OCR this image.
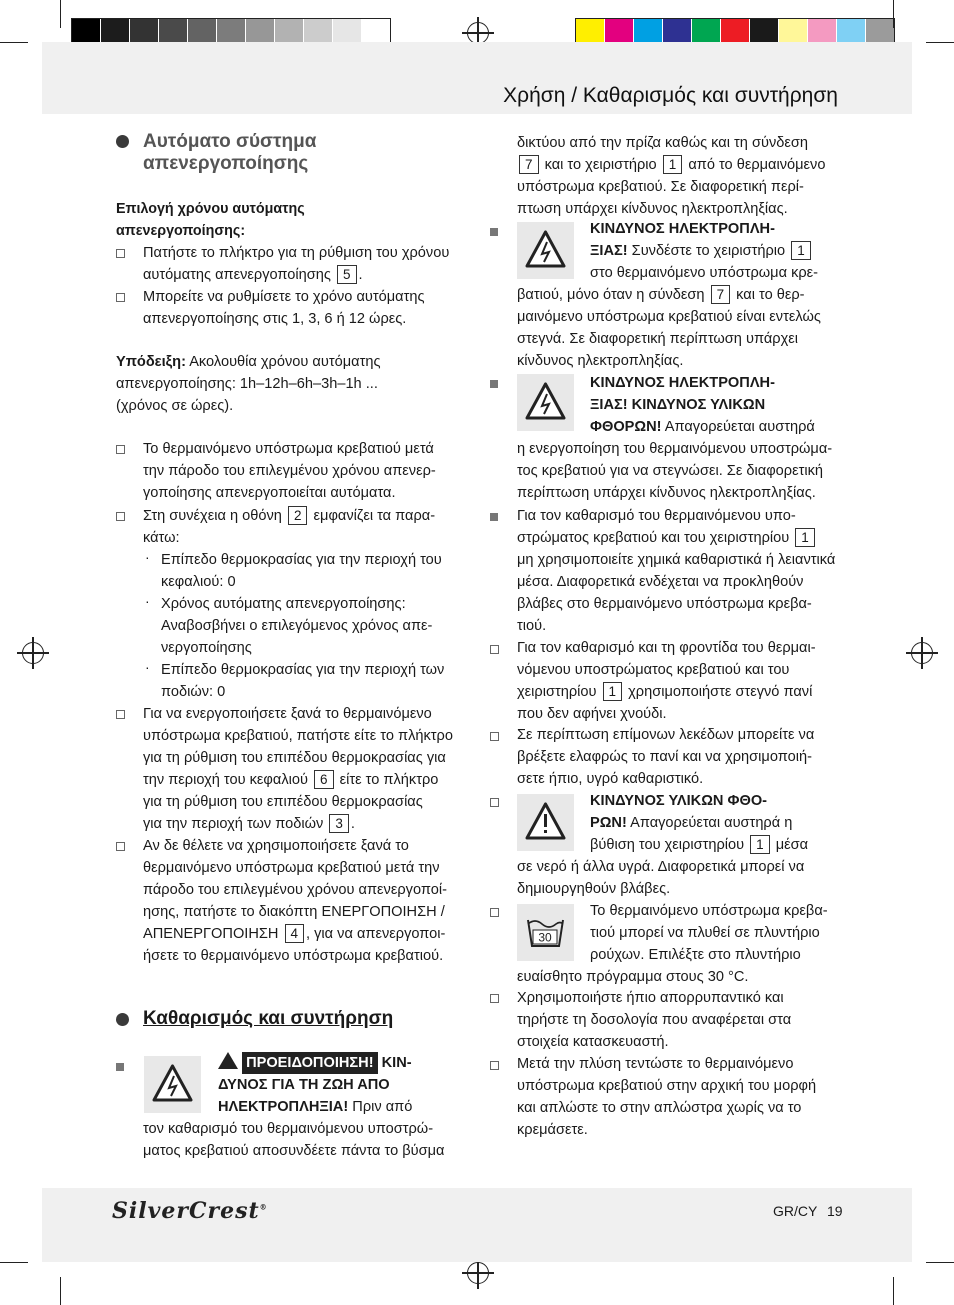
Χρήση / Καθαρισμός και συντήρηση
Αυτόματο σύστημα
απενεργοποίησης
Επιλογή χρόνου αυτόματης
απενεργοποίησης:
Πατήστε το πλήκτρο για τη ρύθμιση του χρόνου
αυτόματης απενεργοποίησης 5 .
Μπορείτε να ρυθμίσετε το χρόνο αυτόματης
απενεργοποίησης στις 1, 3, 6 ή 12 ώρες.
Υπόδειξη: Ακολουθία χρόνου αυτόματης
απενεργοποίησης: 1h–12h–6h–3h–1h ...
(χρόνος σε ώρες).
Το θερμαινόμενο υπόστρωμα κρεβατιού μετά
την πάροδο του επιλεγμένου χρόνου απενερ-
γοποίησης απενεργοποιείται αυτόματα.
Στη συνέχεια η οθόνη 2 εμφανίζει τα παρα-
κάτω:
· Επίπεδο θερμοκρασίας για την περιοχή του
κεφαλιού: 0
· Χρόνος αυτόματης απενεργοποίησης:
Αναβοσβήνει ο επιλεγόμενος χρόνος απε-
νεργοποίησης
· Επίπεδο θερμοκρασίας για την περιοχή των
ποδιών: 0
Για να ενεργοποιήσετε ξανά το θερμαινόμενο
υπόστρωμα κρεβατιού, πατήστε είτε το πλήκτρο
για τη ρύθμιση του επιπέδου θερμοκρασίας για
την περιοχή του κεφαλιού 6 είτε το πλήκτρο
για τη ρύθμιση του επιπέδου θερμοκρασίας
για την περιοχή των ποδιών 3 .
Αν δε θέλετε να χρησιμοποιήσετε ξανά το
θερμαινόμενο υπόστρωμα κρεβατιού μετά την
πάροδο του επιλεγμένου χρόνου απενεργοποί-
ησης, πατήστε το διακόπτη ΕΝΕΡΓΟΠΟΙΗΣΗ /
ΑΠΕΝΕΡΓΟΠΟΙΗΣΗ 4 , για να απενεργοποι-
ήσετε το θερμαινόμενο υπόστρωμα κρεβατιού.
Καθαρισμός και συντήρηση
ΠΡΟΕΙΔΟΠΟΙΗΣΗ! ΚΙΝ-
ΔΥΝΟΣ ΓΙΑ ΤΗ ΖΩΗ ΑΠΟ
ΗΛΕΚΤΡΟΠΛΗΞΙΑ! Πριν από
τον καθαρισμό του θερμαινόμενου υποστρώ-
ματος κρεβατιού αποσυνδέετε πάντα το βύσμα
δικτύου από την πρίζα καθώς και τη σύνδεση
7 και το χειριστήριο 1 από το θερμαινόμενο
υπόστρωμα κρεβατιού. Σε διαφορετική περί-
πτωση υπάρχει κίνδυνος ηλεκτροπληξίας.
ΚΙΝΔΥΝΟΣ ΗΛΕΚΤΡΟΠΛΗ-
ΞΙΑΣ! Συνδέστε το χειριστήριο 1
στο θερμαινόμενο υπόστρωμα κρε-
βατιού, μόνο όταν η σύνδεση 7 και το θερ-
μαινόμενο υπόστρωμα κρεβατιού είναι εντελώς
στεγνά. Σε διαφορετική περίπτωση υπάρχει
κίνδυνος ηλεκτροπληξίας.
ΚΙΝΔΥΝΟΣ ΗΛΕΚΤΡΟΠΛΗ-
ΞΙΑΣ! ΚΙΝΔΥΝΟΣ ΥΛΙΚΩΝ
ΦΘΟΡΩΝ! Απαγορεύεται αυστηρά
η ενεργοποίηση του θερμαινόμενου υποστρώμα-
τος κρεβατιού για να στεγνώσει. Σε διαφορετική
περίπτωση υπάρχει κίνδυνος ηλεκτροπληξίας.
Για τον καθαρισμό του θερμαινόμενου υπο-
στρώματος κρεβατιού και του χειριστηρίου 1
μη χρησιμοποιείτε χημικά καθαριστικά ή λειαντικά
μέσα. Διαφορετικά ενδέχεται να προκληθούν
βλάβες στο θερμαινόμενο υπόστρωμα κρεβα-
τιού.
Για τον καθαρισμό και τη φροντίδα του θερμαι-
νόμενου υποστρώματος κρεβατιού και του
χειριστηρίου 1 χρησιμοποιήστε στεγνό πανί
που δεν αφήνει χνούδι.
Σε περίπτωση επίμονων λεκέδων μπορείτε να
βρέξετε ελαφρώς το πανί και να χρησιμοποιή-
σετε ήπιο, υγρό καθαριστικό.
ΚΙΝΔΥΝΟΣ ΥΛΙΚΩΝ ΦΘΟ-
ΡΩΝ! Απαγορεύεται αυστηρά η
βύθιση του χειριστηρίου 1 μέσα
σε νερό ή άλλα υγρά. Διαφορετικά μπορεί να
δημιουργηθούν βλάβες.
30
Το θερμαινόμενο υπόστρωμα κρεβα-
τιού μπορεί να πλυθεί σε πλυντήριο
ρούχων. Επιλέξτε στο πλυντήριο
ευαίσθητο πρόγραμμα στους 30 °C.
Χρησιμοποιήστε ήπιο απορρυπαντικό και
τηρήστε τη δοσολογία που αναφέρεται στα
στοιχεία κατασκευαστή.
Μετά την πλύση τεντώστε το θερμαινόμενο
υπόστρωμα κρεβατιού στην αρχική του μορφή
και απλώστε το στην απλώστρα χωρίς να το
κρεμάσετε.
SilverCrest®	GR/CY 19
